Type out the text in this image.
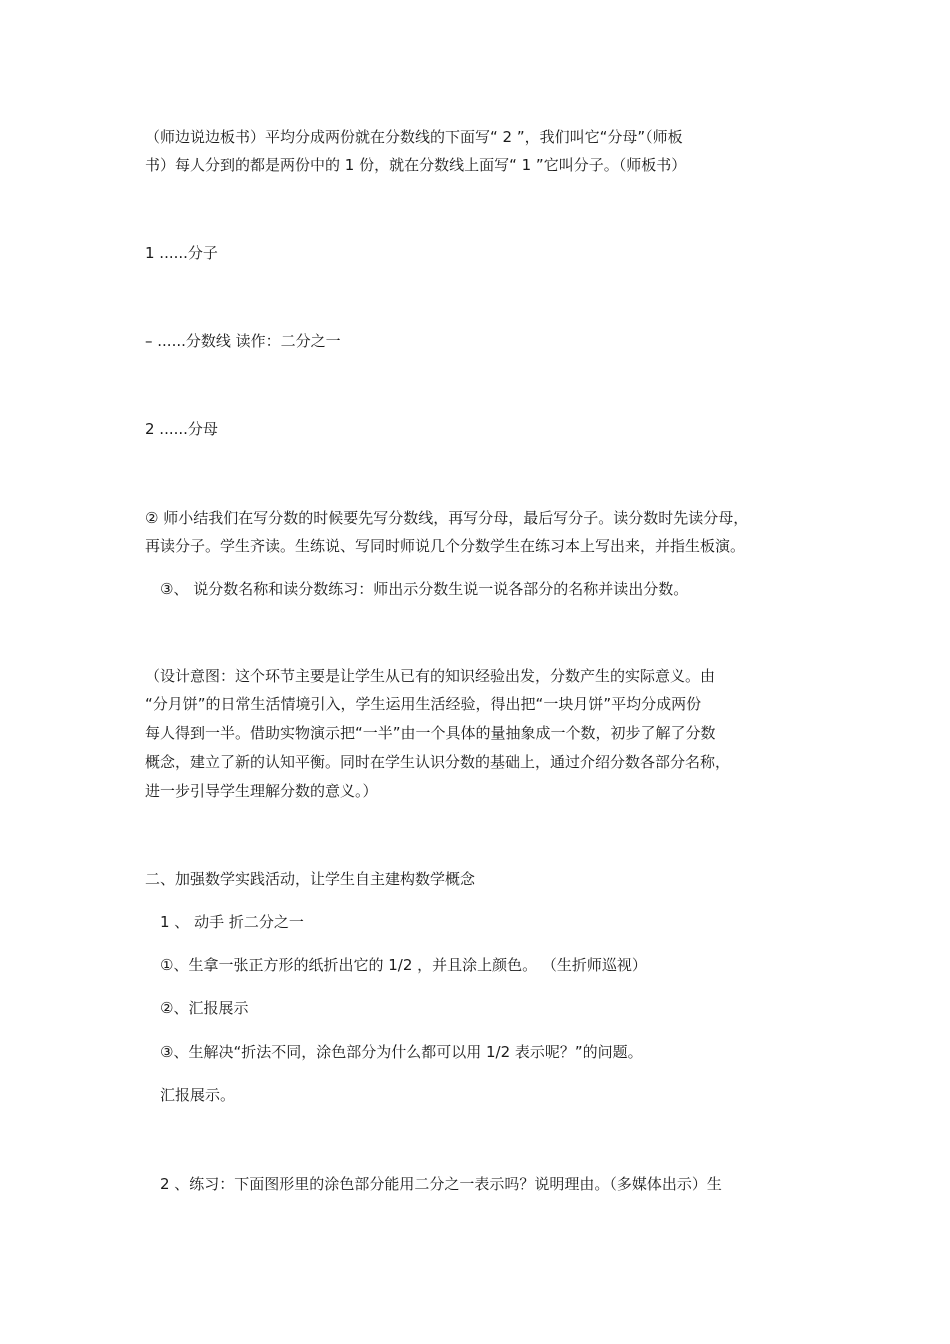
（师边说边板书）平均分成两份就在分数线的下面写“ 2 ”，我们叫它“分母”（师板
书）每人分到的都是两份中的 1 份，就在分数线上面写“ 1 ”它叫分子。（师板书）
1 ......分子
– ......分数线 读作：二分之一
2 ......分母
② 师小结我们在写分数的时候要先写分数线，再写分母，最后写分子。读分数时先读分母，
再读分子。学生齐读。生练说、写同时师说几个分数学生在练习本上写出来，并指生板演。
③、 说分数名称和读分数练习：师出示分数生说一说各部分的名称并读出分数。
（设计意图：这个环节主要是让学生从已有的知识经验出发，分数产生的实际意义。由
“分月饼”的日常生活情境引入，学生运用生活经验，得出把“一块月饼”平均分成两份
每人得到一半。借助实物演示把“一半”由一个具体的量抽象成一个数，初步了解了分数
概念，建立了新的认知平衡。同时在学生认识分数的基础上，通过介绍分数各部分名称，
进一步引导学生理解分数的意义。）
二、加强数学实践活动，让学生自主建构数学概念
1 、 动手 折二分之一
①、生拿一张正方形的纸折出它的 1/2 ，并且涂上颜色。 （生折师巡视）
②、汇报展示
③、生解决“折法不同，涂色部分为什么都可以用 1/2 表示呢？”的问题。
汇报展示。
2 、练习：下面图形里的涂色部分能用二分之一表示吗？说明理由。（多媒体出示）生
